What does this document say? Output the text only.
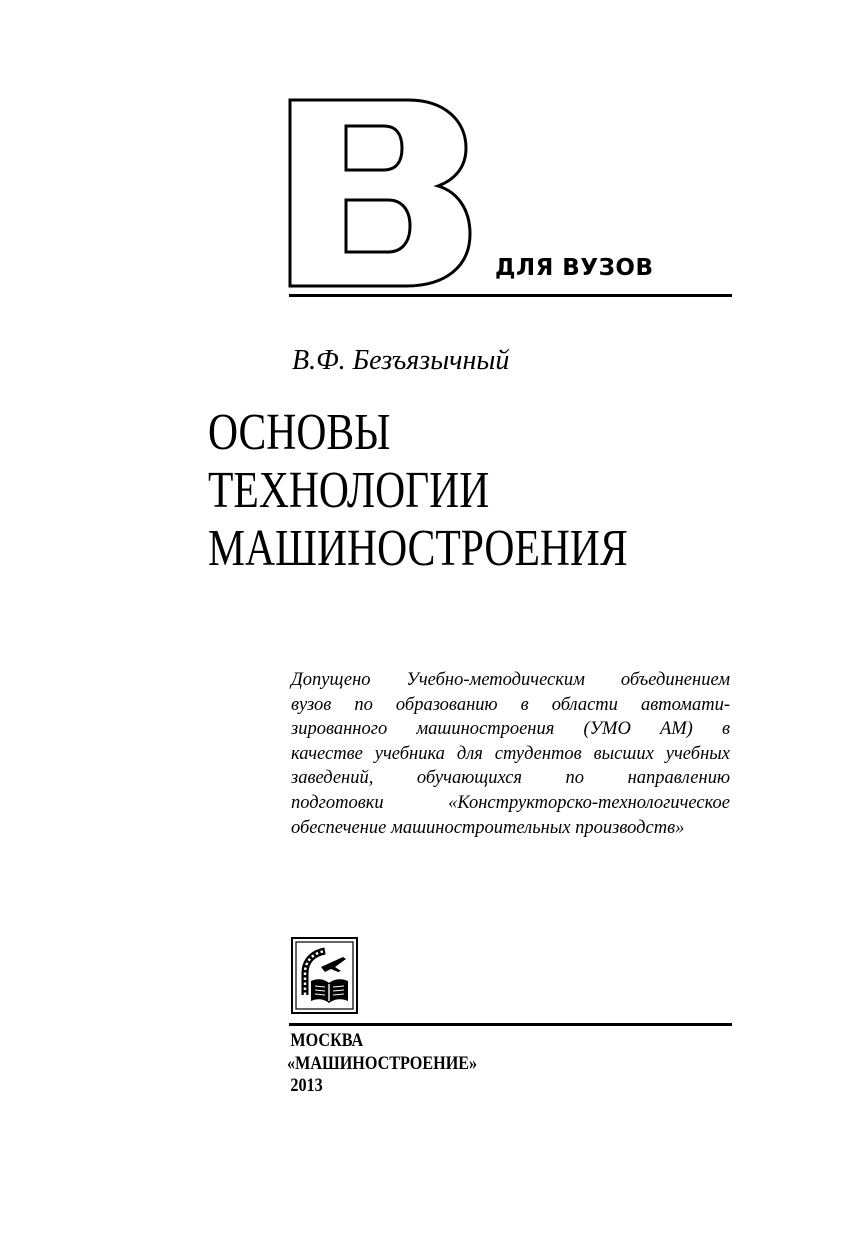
ДЛЯ ВУЗОВ
В.Ф. Безъязычный
ОСНОВЫ
ТЕХНОЛОГИИ
МАШИНОСТРОЕНИЯ
Допущено Учебно-методическим объединением
вузов по образованию в области автомати-
зированного машиностроения (УМО АМ) в
качестве учебника для студентов высших учебных
заведений, обучающихся по направлению
подготовки «Конструкторско-технологическое
обеспечение машиностроительных производств»
МОСКВА
«МАШИНОСТРОЕНИЕ»
2013
